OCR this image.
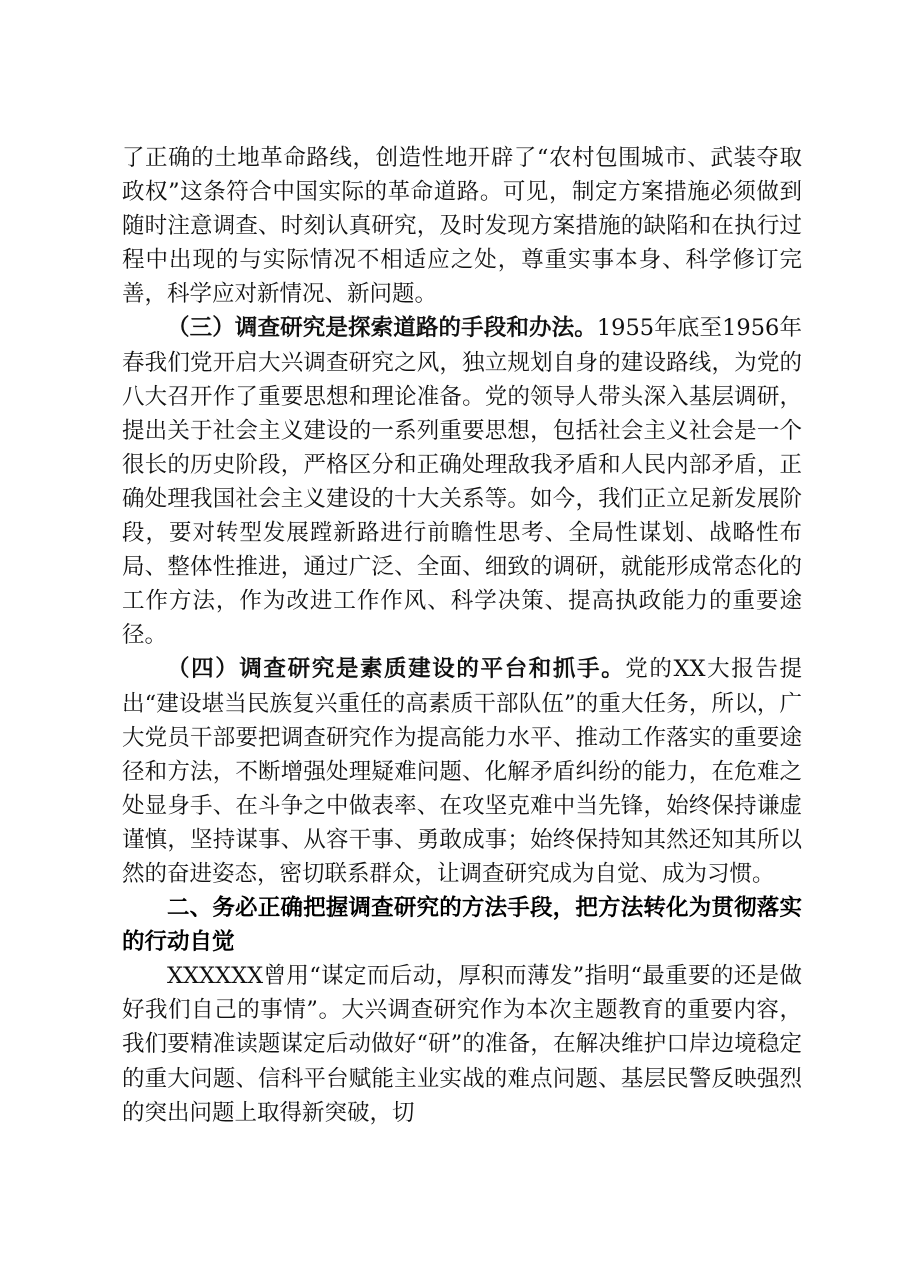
了正确的土地革命路线，创造性地开辟了“农村包围城市、武装夺取政权”这条符合中国实际的革命道路。可见，制定方案措施必须做到随时注意调查、时刻认真研究，及时发现方案措施的缺陷和在执行过程中出现的与实际情况不相适应之处，尊重实事本身、科学修订完善，科学应对新情况、新问题。

（三）调查研究是探索道路的手段和办法。1955年底至1956年春我们党开启大兴调查研究之风，独立规划自身的建设路线，为党的八大召开作了重要思想和理论准备。党的领导人带头深入基层调研，提出关于社会主义建设的一系列重要思想，包括社会主义社会是一个很长的历史阶段，严格区分和正确处理敌我矛盾和人民内部矛盾，正确处理我国社会主义建设的十大关系等。如今，我们正立足新发展阶段，要对转型发展蹚新路进行前瞻性思考、全局性谋划、战略性布局、整体性推进，通过广泛、全面、细致的调研，就能形成常态化的工作方法，作为改进工作作风、科学决策、提高执政能力的重要途径。

（四）调查研究是素质建设的平台和抓手。党的XX大报告提出“建设堪当民族复兴重任的高素质干部队伍”的重大任务，所以，广大党员干部要把调查研究作为提高能力水平、推动工作落实的重要途径和方法，不断增强处理疑难问题、化解矛盾纠纷的能力，在危难之处显身手、在斗争之中做表率、在攻坚克难中当先锋，始终保持谦虚谨慎，坚持谋事、从容干事、勇敢成事；始终保持知其然还知其所以然的奋进姿态，密切联系群众，让调查研究成为自觉、成为习惯。

二、务必正确把握调查研究的方法手段，把方法转化为贯彻落实的行动自觉

XXXXXX曾用“谋定而后动，厚积而薄发”指明“最重要的还是做好我们自己的事情”。大兴调查研究作为本次主题教育的重要内容，我们要精准读题谋定后动做好“研”的准备，在解决维护口岸边境稳定的重大问题、信科平台赋能主业实战的难点问题、基层民警反映强烈的突出问题上取得新突破，切
